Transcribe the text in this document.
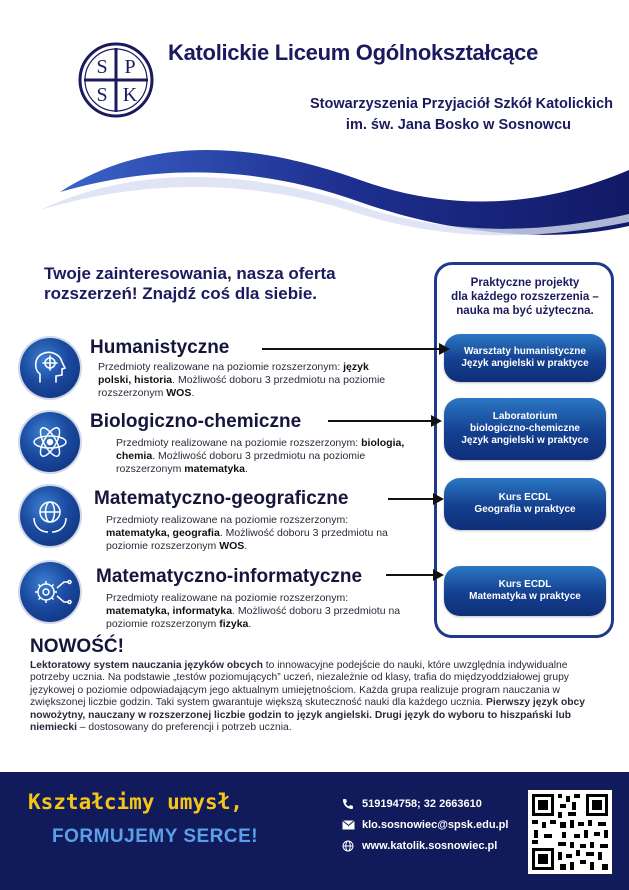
S P
S K
Katolickie Liceum Ogólnokształcące
Stowarzyszenia Przyjaciół Szkół Katolickich
im. św. Jana Bosko w Sosnowcu
Twoje zainteresowania, nasza oferta
rozszerzeń! Znajdź coś dla siebie.
Praktyczne projekty
dla każdego rozszerzenia –
nauka ma być użyteczna.
Warsztaty humanistyczne
Język angielski w praktyce
Laboratorium
biologiczno-chemiczne
Język angielski w praktyce
Kurs ECDL
Geografia w praktyce
Kurs ECDL
Matematyka w praktyce
Humanistyczne
Przedmioty realizowane na poziomie rozszerzonym: język polski, historia. Możliwość doboru 3 przedmiotu na poziomie rozszerzonym WOS.
Biologiczno-chemiczne
Przedmioty realizowane na poziomie rozszerzonym: biologia, chemia. Możliwość doboru 3 przedmiotu na poziomie rozszerzonym matematyka.
Matematyczno-geograficzne
Przedmioty realizowane na poziomie rozszerzonym: matematyka, geografia. Możliwość doboru 3 przedmiotu na poziomie rozszerzonym WOS.
Matematyczno-informatyczne
Przedmioty realizowane na poziomie rozszerzonym: matematyka, informatyka. Możliwość doboru 3 przedmiotu na poziomie rozszerzonym fizyka.
NOWOŚĆ!
Lektoratowy system nauczania języków obcych to innowacyjne podejście do nauki, które uwzględnia indywidualne potrzeby ucznia. Na podstawie „testów poziomujących” uczeń, niezależnie od klasy, trafia do międzyoddziałowej grupy językowej o poziomie odpowiadającym jego aktualnym umiejętnościom. Każda grupa realizuje program nauczania w zwiększonej liczbie godzin. Taki system gwarantuje większą skuteczność nauki dla każdego ucznia. Pierwszy język obcy nowożytny, nauczany w rozszerzonej liczbie godzin to język angielski. Drugi język do wyboru to hiszpański lub niemiecki – dostosowany do preferencji i potrzeb ucznia.
Kształcimy umysł,
FORMUJEMY SERCE!
519194758; 32 2663610
klo.sosnowiec@spsk.edu.pl
www.katolik.sosnowiec.pl
